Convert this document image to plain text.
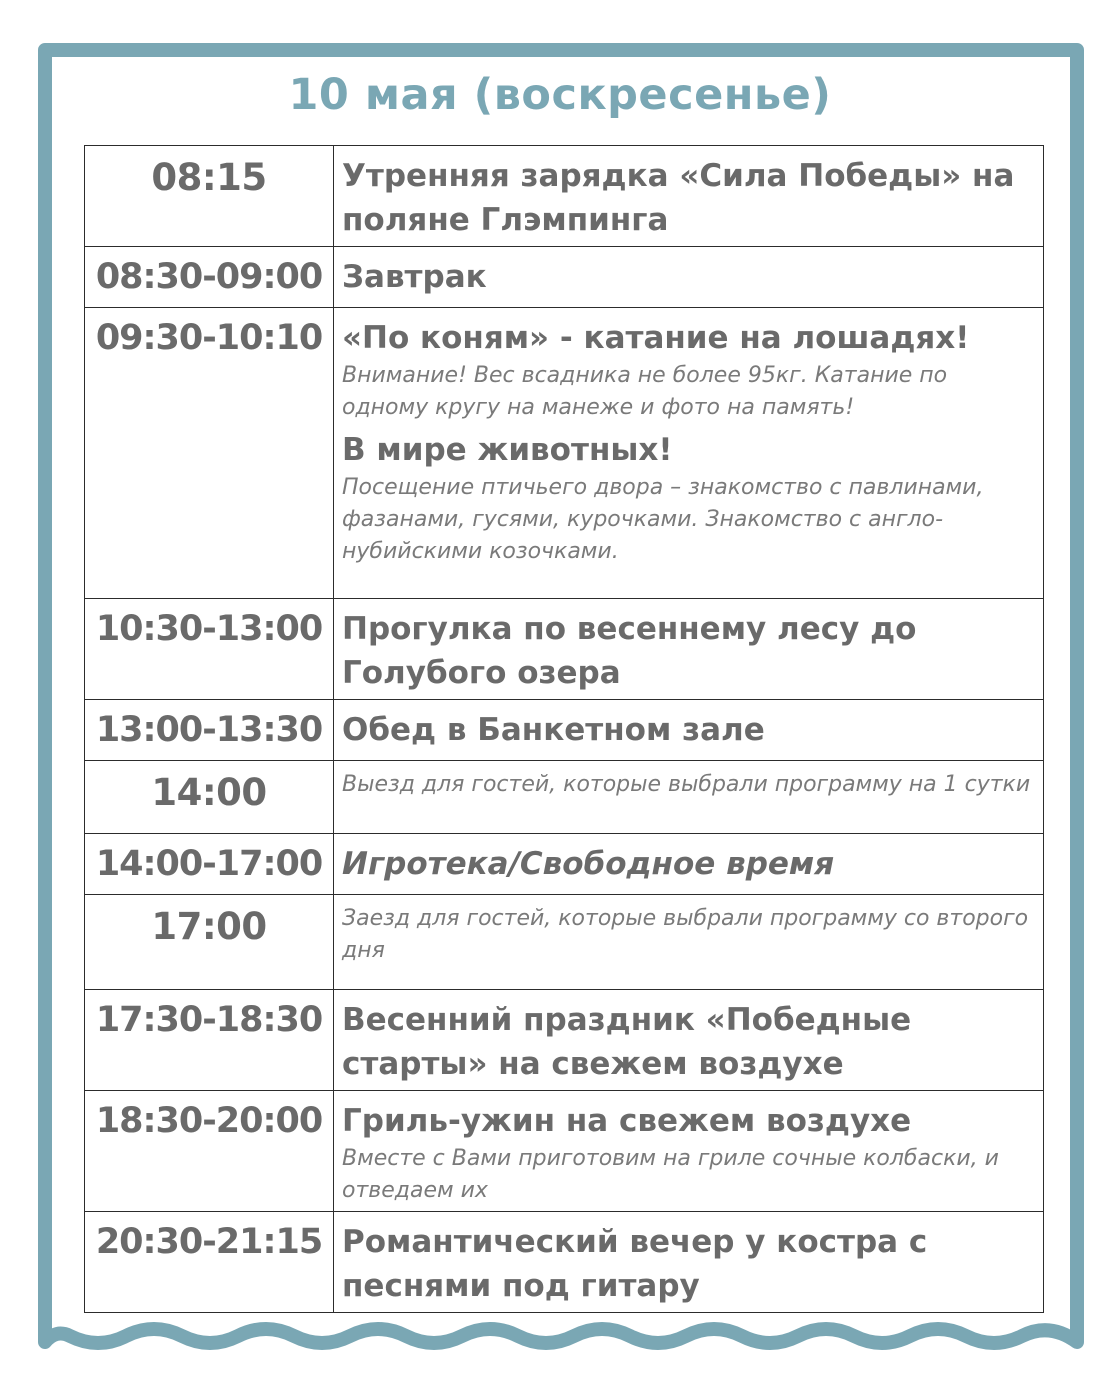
10 мая (воскресенье)
08:15	Утренняя зарядка «Сила Победы» на поляне Глэмпинга

08:30-09:00	Завтрак

09:30-10:10	«По коням» - катание на лошадях!
Внимание! Вес всадника не более 95кг. Катание по одному кругу на манеже и фото на память!
В мире животных!
Посещение птичьего двора – знакомство с павлинами, фазанами, гусями, курочками. Знакомство с англо-нубийскими козочками.

10:30-13:00	Прогулка по весеннему лесу до Голубого озера

13:00-13:30	Обед в Банкетном зале

14:00	Выезд для гостей, которые выбрали программу на 1 сутки

14:00-17:00	Игротека/Свободное время

17:00	Заезд для гостей, которые выбрали программу со второго дня

17:30-18:30	Весенний праздник «Победные старты» на свежем воздухе

18:30-20:00	Гриль-ужин на свежем воздухе
Вместе с Вами приготовим на гриле сочные колбаски, и отведаем их

20:30-21:15	Романтический вечер у костра с песнями под гитару
